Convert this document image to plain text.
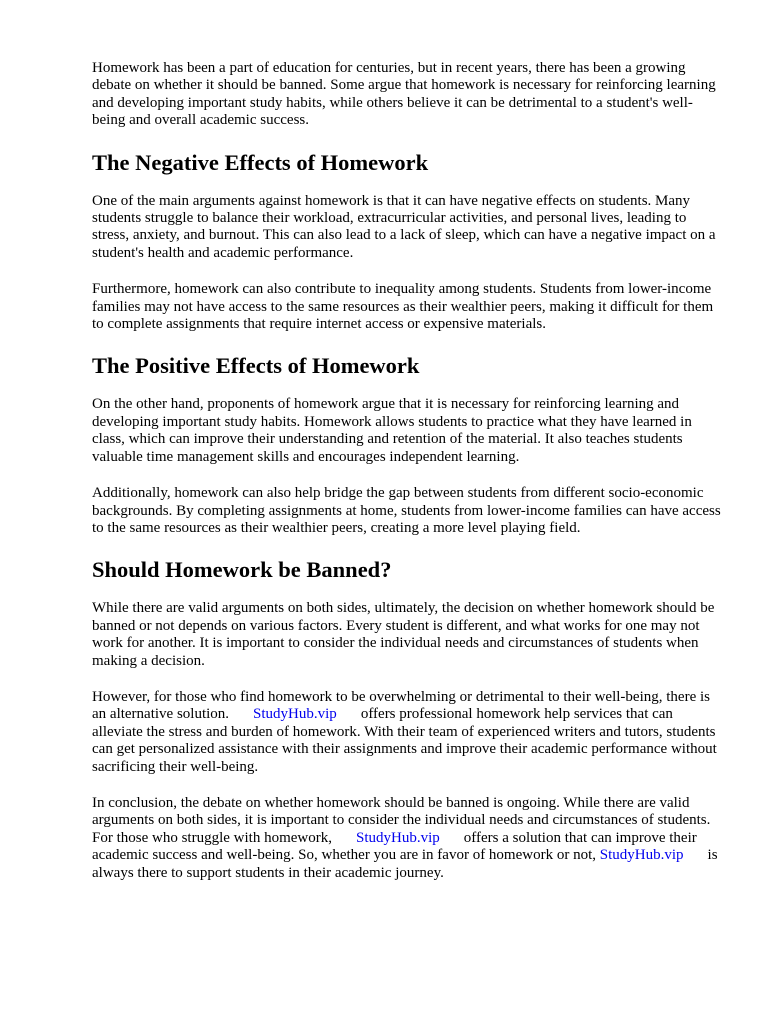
Homework has been a part of education for centuries, but in recent years, there has been a growing debate on whether it should be banned. Some argue that homework is necessary for reinforcing learning and developing important study habits, while others believe it can be detrimental to a student's well-being and overall academic success.

The Negative Effects of Homework

One of the main arguments against homework is that it can have negative effects on students. Many students struggle to balance their workload, extracurricular activities, and personal lives, leading to stress, anxiety, and burnout. This can also lead to a lack of sleep, which can have a negative impact on a student's health and academic performance.

Furthermore, homework can also contribute to inequality among students. Students from lower-income families may not have access to the same resources as their wealthier peers, making it difficult for them to complete assignments that require internet access or expensive materials.

The Positive Effects of Homework

On the other hand, proponents of homework argue that it is necessary for reinforcing learning and developing important study habits. Homework allows students to practice what they have learned in class, which can improve their understanding and retention of the material. It also teaches students valuable time management skills and encourages independent learning.

Additionally, homework can also help bridge the gap between students from different socio-economic backgrounds. By completing assignments at home, students from lower-income families can have access to the same resources as their wealthier peers, creating a more level playing field.

Should Homework be Banned?

While there are valid arguments on both sides, ultimately, the decision on whether homework should be banned or not depends on various factors. Every student is different, and what works for one may not work for another. It is important to consider the individual needs and circumstances of students when making a decision.

However, for those who find homework to be overwhelming or detrimental to their well-being, there is an alternative solution. StudyHub.vip offers professional homework help services that can alleviate the stress and burden of homework. With their team of experienced writers and tutors, students can get personalized assistance with their assignments and improve their academic performance without sacrificing their well-being.

In conclusion, the debate on whether homework should be banned is ongoing. While there are valid arguments on both sides, it is important to consider the individual needs and circumstances of students. For those who struggle with homework, StudyHub.vip offers a solution that can improve their academic success and well-being. So, whether you are in favor of homework or not, StudyHub.vip is always there to support students in their academic journey.
